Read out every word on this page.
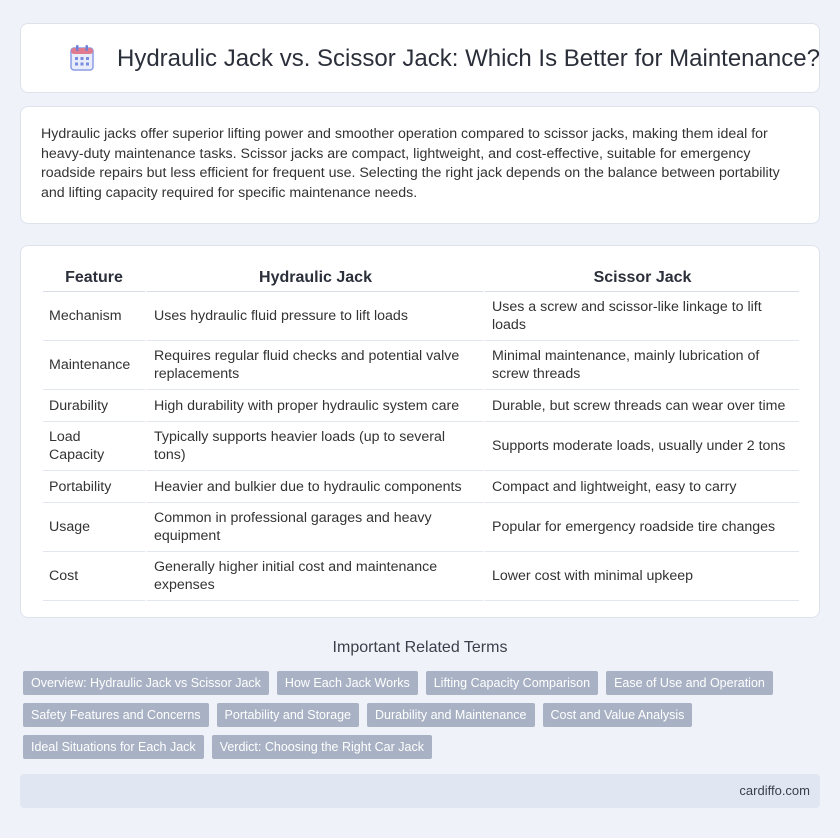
Hydraulic Jack vs. Scissor Jack: Which Is Better for Maintenance?

Hydraulic jacks offer superior lifting power and smoother operation compared to scissor jacks, making them ideal for heavy-duty maintenance tasks. Scissor jacks are compact, lightweight, and cost-effective, suitable for emergency roadside repairs but less efficient for frequent use. Selecting the right jack depends on the balance between portability and lifting capacity required for specific maintenance needs.

Feature	Hydraulic Jack	Scissor Jack
Mechanism	Uses hydraulic fluid pressure to lift loads	Uses a screw and scissor-like linkage to lift loads
Maintenance	Requires regular fluid checks and potential valve replacements	Minimal maintenance, mainly lubrication of screw threads
Durability	High durability with proper hydraulic system care	Durable, but screw threads can wear over time
Load Capacity	Typically supports heavier loads (up to several tons)	Supports moderate loads, usually under 2 tons
Portability	Heavier and bulkier due to hydraulic components	Compact and lightweight, easy to carry
Usage	Common in professional garages and heavy equipment	Popular for emergency roadside tire changes
Cost	Generally higher initial cost and maintenance expenses	Lower cost with minimal upkeep
Important Related Terms
Overview: Hydraulic Jack vs Scissor Jack	How Each Jack Works	Lifting Capacity Comparison	Ease of Use and Operation
Safety Features and Concerns	Portability and Storage	Durability and Maintenance	Cost and Value Analysis
Ideal Situations for Each Jack	Verdict: Choosing the Right Car Jack
cardiffo.com
